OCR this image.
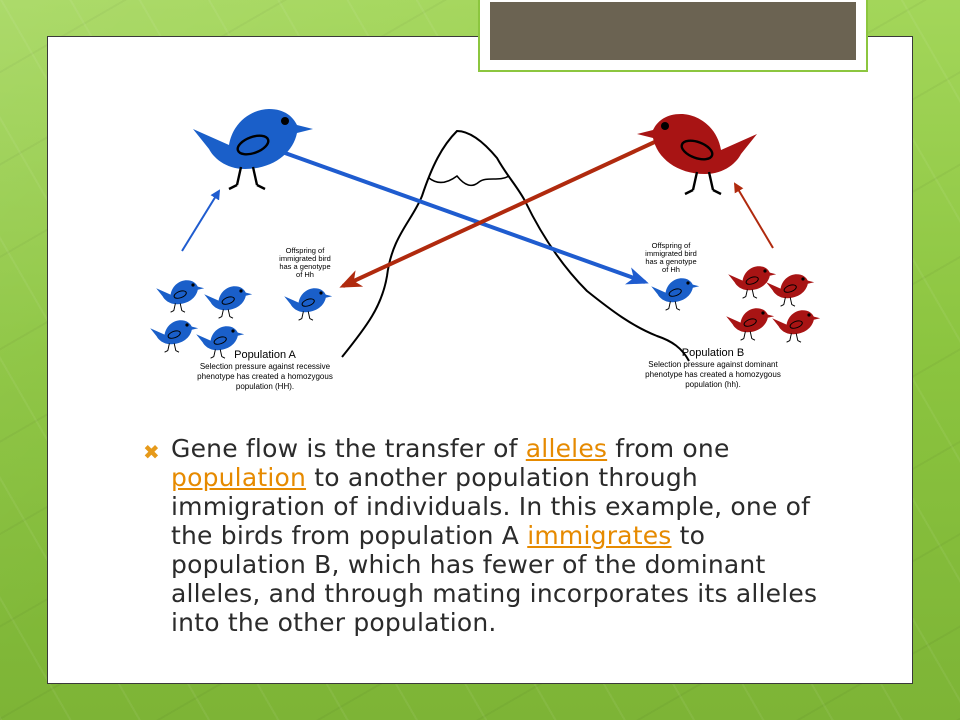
Offspring of
immigrated bird
has a genotype
of Hh
Offspring of
immigrated bird
has a genotype
of Hh
Population A
Selection pressure against recessive
phenotype has created a homozygous
population (HH).
Population B
Selection pressure against dominant
phenotype has created a homozygous
population (hh).
✖ Gene flow is the transfer of alleles from one population to another population through immigration of individuals. In this example, one of the birds from population A immigrates to population B, which has fewer of the dominant alleles, and through mating incorporates its alleles into the other population.
